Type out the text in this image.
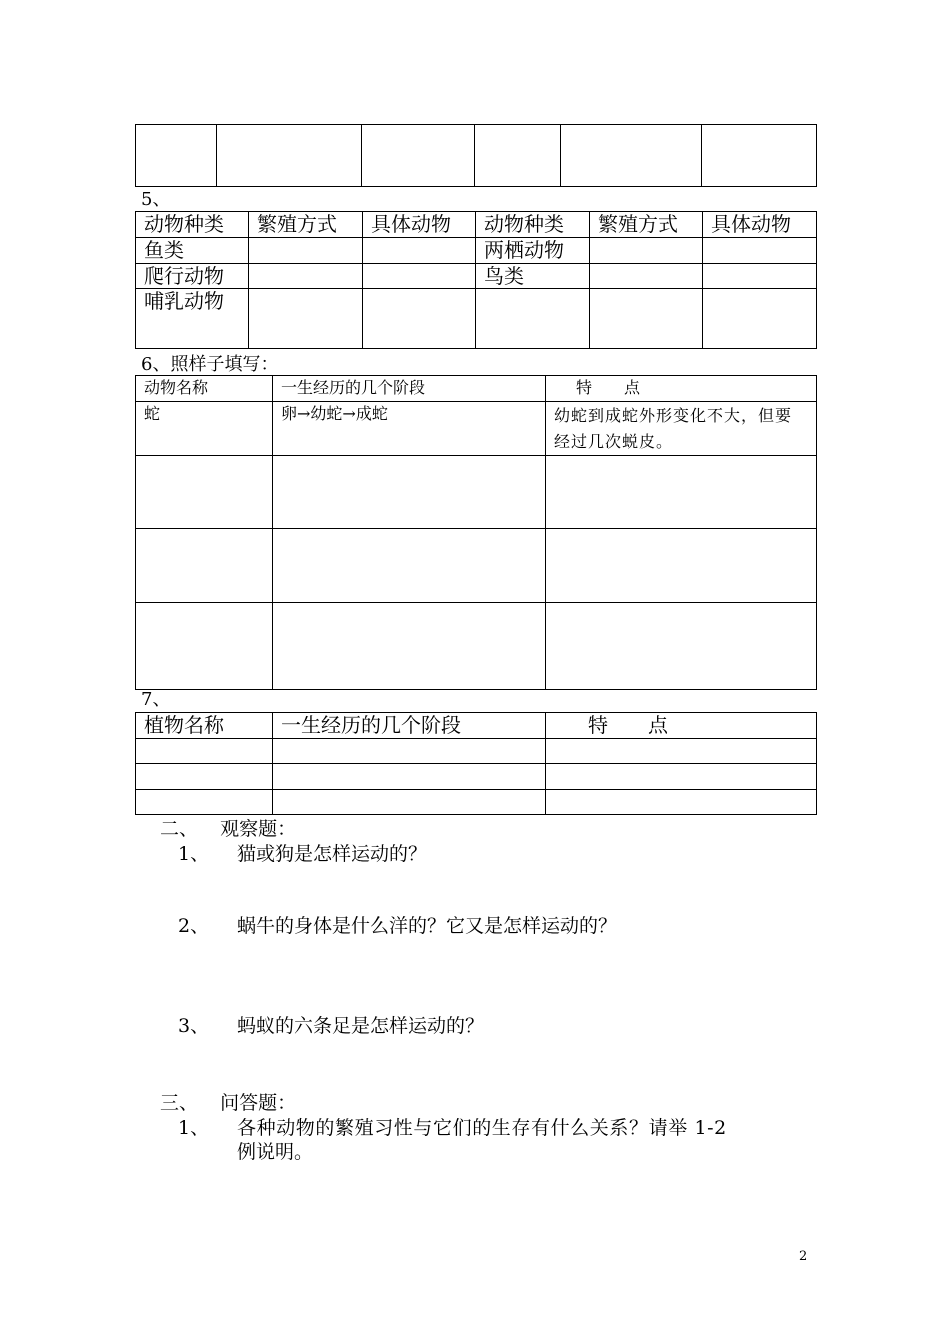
5、
动物种类	繁殖方式	具体动物	动物种类	繁殖方式	具体动物
鱼类			两栖动物		
爬行动物			鸟类		
哺乳动物					
6、照样子填写：
动物名称	一生经历的几个阶段	特　　点
蛇	卵→幼蛇→成蛇	幼蛇到成蛇外形变化不大，但要经过几次蜕皮。

7、
植物名称	一生经历的几个阶段	特　　点

二、 观察题：
1、 猫或狗是怎样运动的？
2、 蜗牛的身体是什么洋的？它又是怎样运动的？
3、 蚂蚁的六条足是怎样运动的？
三、 问答题：
1、 各种动物的繁殖习性与它们的生存有什么关系？请举 1-2
例说明。
2
